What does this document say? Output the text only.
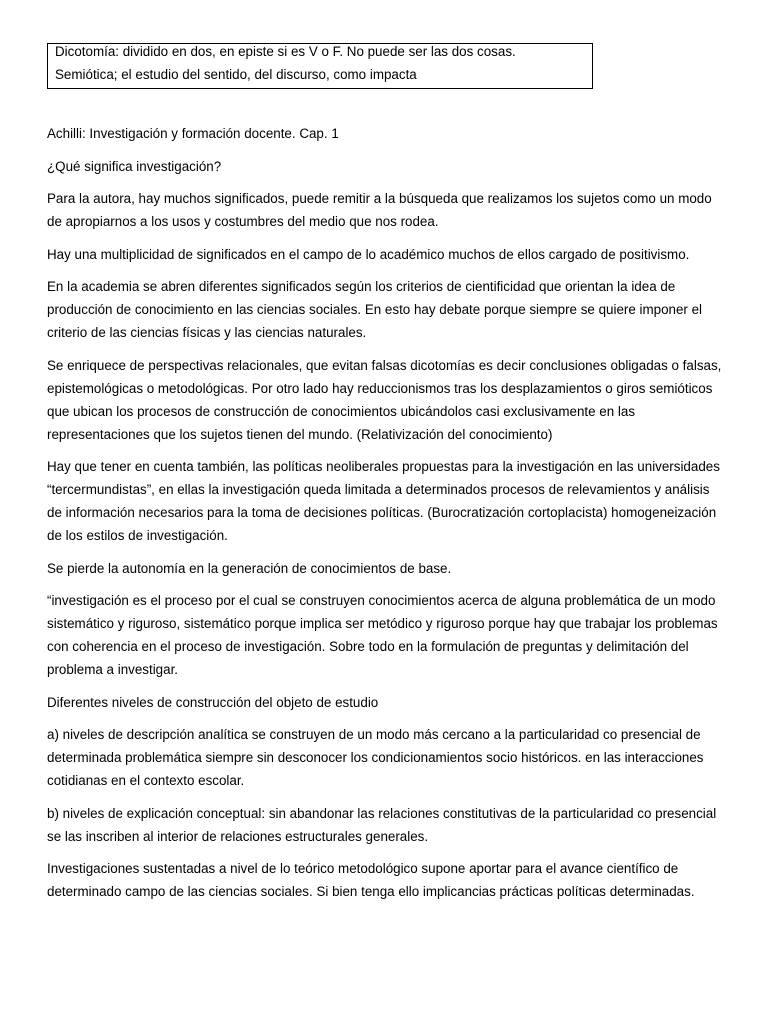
Dicotomía: dividido en dos, en episte si es V o F. No puede ser las dos cosas.
Semiótica; el estudio del sentido, del discurso, como impacta

Achilli: Investigación y formación docente. Cap. 1

¿Qué significa investigación?

Para la autora, hay muchos significados, puede remitir a la búsqueda que realizamos los sujetos como un modo de apropiarnos a los usos y costumbres del medio que nos rodea.

Hay una multiplicidad de significados en el campo de lo académico muchos de ellos cargado de positivismo.

En la academia se abren diferentes significados según los criterios de cientificidad que orientan la idea de producción de conocimiento en las ciencias sociales. En esto hay debate porque siempre se quiere imponer el criterio de las ciencias físicas y las ciencias naturales.

Se enriquece de perspectivas relacionales, que evitan falsas dicotomías es decir conclusiones obligadas o falsas, epistemológicas o metodológicas. Por otro lado hay reduccionismos tras los desplazamientos o giros semióticos que ubican los procesos de construcción de conocimientos ubicándolos casi exclusivamente en las representaciones que los sujetos tienen del mundo. (Relativización del conocimiento)

Hay que tener en cuenta también, las políticas neoliberales propuestas para la investigación en las universidades “tercermundistas”, en ellas la investigación queda limitada a determinados procesos de relevamientos y análisis de información necesarios para la toma de decisiones políticas. (Burocratización cortoplacista) homogeneización de los estilos de investigación.

Se pierde la autonomía en la generación de conocimientos de base.

“investigación es el proceso por el cual se construyen conocimientos acerca de alguna problemática de un modo sistemático y riguroso, sistemático porque implica ser metódico y riguroso porque hay que trabajar los problemas con coherencia en el proceso de investigación. Sobre todo en la formulación de preguntas y delimitación del problema a investigar.

Diferentes niveles de construcción del objeto de estudio

a) niveles de descripción analítica se construyen de un modo más cercano a la particularidad co presencial de determinada problemática siempre sin desconocer los condicionamientos socio históricos. en las interacciones cotidianas en el contexto escolar.

b) niveles de explicación conceptual: sin abandonar las relaciones constitutivas de la particularidad co presencial se las inscriben al interior de relaciones estructurales generales.

Investigaciones sustentadas a nivel de lo teórico metodológico supone aportar para el avance científico de determinado campo de las ciencias sociales. Si bien tenga ello implicancias prácticas políticas determinadas.
